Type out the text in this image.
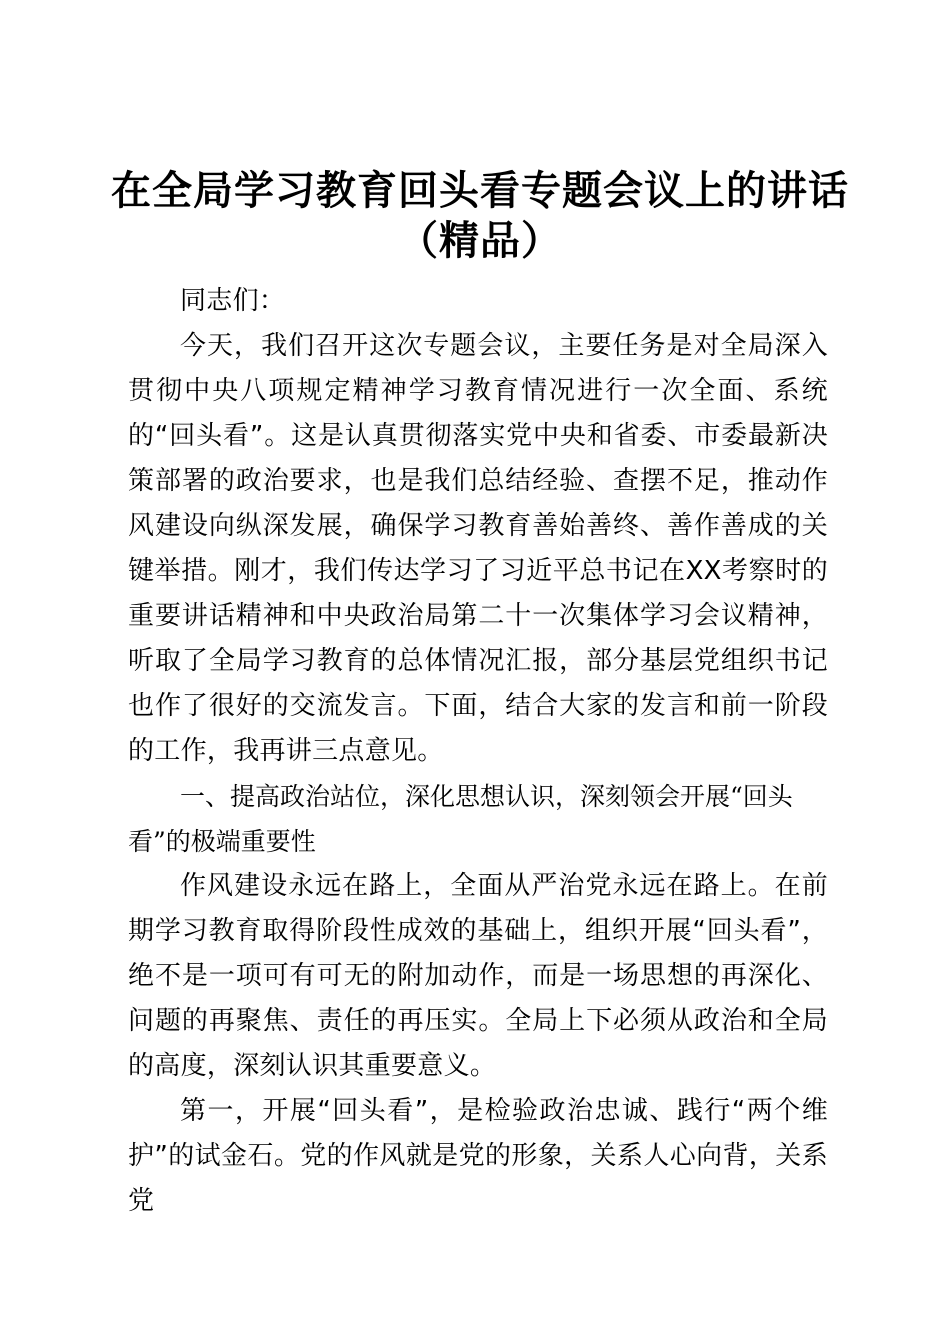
在全局学习教育回头看专题会议上的讲话（精品）

同志们：

今天，我们召开这次专题会议，主要任务是对全局深入贯彻中央八项规定精神学习教育情况进行一次全面、系统的“回头看”。这是认真贯彻落实党中央和省委、市委最新决策部署的政治要求，也是我们总结经验、查摆不足，推动作风建设向纵深发展，确保学习教育善始善终、善作善成的关键举措。刚才，我们传达学习了习近平总书记在XX考察时的重要讲话精神和中央政治局第二十一次集体学习会议精神，听取了全局学习教育的总体情况汇报，部分基层党组织书记也作了很好的交流发言。下面，结合大家的发言和前一阶段的工作，我再讲三点意见。

一、提高政治站位，深化思想认识，深刻领会开展“回头看”的极端重要性

作风建设永远在路上，全面从严治党永远在路上。在前期学习教育取得阶段性成效的基础上，组织开展“回头看”，绝不是一项可有可无的附加动作，而是一场思想的再深化、问题的再聚焦、责任的再压实。全局上下必须从政治和全局的高度，深刻认识其重要意义。

第一，开展“回头看”，是检验政治忠诚、践行“两个维护”的试金石。党的作风就是党的形象，关系人心向背，关系党
